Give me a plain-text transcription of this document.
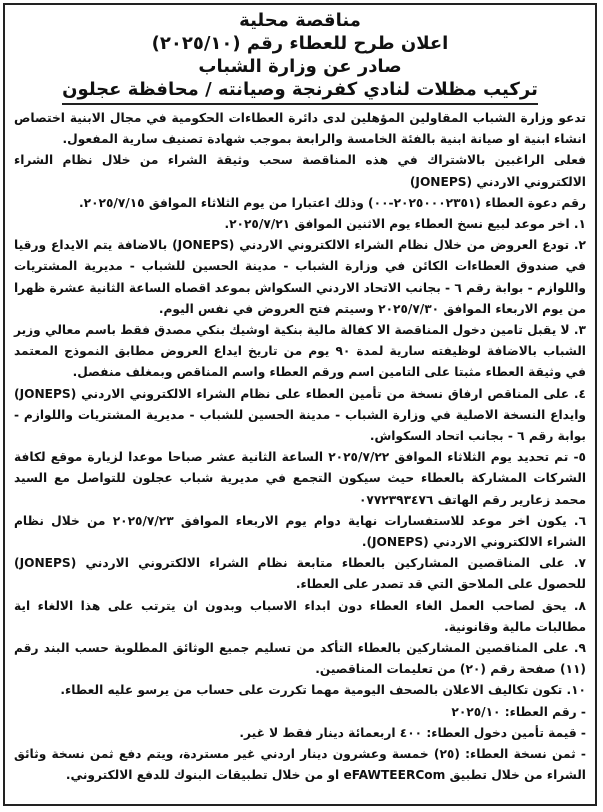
مناقصة محلية
اعلان طرح للعطاء رقم (٢٠٢٥/١٠)
صادر عن وزارة الشباب
تركيب مظلات لنادي كفرنجة وصيانته / محافظة عجلون

تدعو وزارة الشباب المقاولين المؤهلين لدى دائرة العطاءات الحكومية في مجال الابنية اختصاص انشاء ابنية او صيانة ابنية بالفئة الخامسة والرابعة بموجب شهادة تصنيف سارية المفعول.

فعلى الراغبين بالاشتراك في هذه المناقصة سحب وثيقة الشراء من خلال نظام الشراء الالكتروني الاردني (JONEPS)

رقم دعوة العطاء (٢٠٢٥٠٠٠٢٣٥١-٠٠) وذلك اعتبارا من يوم الثلاثاء الموافق ٢٠٢٥/٧/١٥.

١. اخر موعد لبيع نسخ العطاء يوم الاثنين الموافق ٢٠٢٥/٧/٢١.

٢. تودع العروض من خلال نظام الشراء الالكتروني الاردني (JONEPS) بالاضافة يتم الايداع ورقيا في صندوق العطاءات الكائن في وزارة الشباب - مدينة الحسين للشباب - مديرية المشتريات واللوازم - بوابة رقم ٦ - بجانب الاتحاد الاردني السكواش بموعد اقصاه الساعة الثانية عشرة ظهرا من يوم الاربعاء الموافق ٢٠٢٥/٧/٣٠ وسيتم فتح العروض في نفس اليوم.

٣. لا يقبل تامين دخول المناقصة الا كفالة مالية بنكية اوشيك بنكي مصدق فقط باسم معالي وزير الشباب بالاضافة لوظيفته سارية لمدة ٩٠ يوم من تاريخ ايداع العروض مطابق النموذج المعتمد في وثيقة العطاء مثبتا على التامين اسم ورقم العطاء واسم المناقص وبمغلف منفصل.

٤. على المناقص ارفاق نسخة من تأمين العطاء على نظام الشراء الالكتروني الاردني (JONEPS) وايداع النسخة الاصلية في وزارة الشباب - مدينة الحسين للشباب - مديرية المشتريات واللوازم - بوابة رقم ٦ - بجانب اتحاد السكواش.

٥- تم تحديد يوم الثلاثاء الموافق ٢٠٢٥/٧/٢٢ الساعة الثانية عشر صباحا موعدا لزيارة موقع لكافة الشركات المشاركة بالعطاء حيث سيكون التجمع في مديرية شباب عجلون للتواصل مع السيد محمد زعارير رقم الهاتف ٠٧٧٢٣٩٣٤٧٦

٦. يكون اخر موعد للاستفسارات نهاية دوام يوم الاربعاء الموافق ٢٠٢٥/٧/٢٣ من خلال نظام الشراء الالكتروني الاردني (JONEPS).

٧. على المناقصين المشاركين بالعطاء متابعة نظام الشراء الالكتروني الاردني (JONEPS) للحصول على الملاحق التي قد تصدر على العطاء.

٨. يحق لصاحب العمل الغاء العطاء دون ابداء الاسباب وبدون ان يترتب على هذا الالغاء اية مطالبات مالية وقانونية.

٩. على المناقصين المشاركين بالعطاء التأكد من تسليم جميع الوثائق المطلوبة حسب البند رقم (١١) صفحة رقم (٢٠) من تعليمات المناقصين.

١٠. تكون تكاليف الاعلان بالصحف اليومية مهما تكررت على حساب من يرسو عليه العطاء.

- رقم العطاء: ٢٠٢٥/١٠

- قيمة تأمين دخول العطاء: ٤٠٠ اربعمائة دينار فقط لا غير.

- ثمن نسخة العطاء: (٢٥) خمسة وعشرون دينار اردني غير مستردة، ويتم دفع ثمن نسخة وثائق الشراء من خلال تطبيق eFAWTEERCom او من خلال تطبيقات البنوك للدفع الالكتروني.
